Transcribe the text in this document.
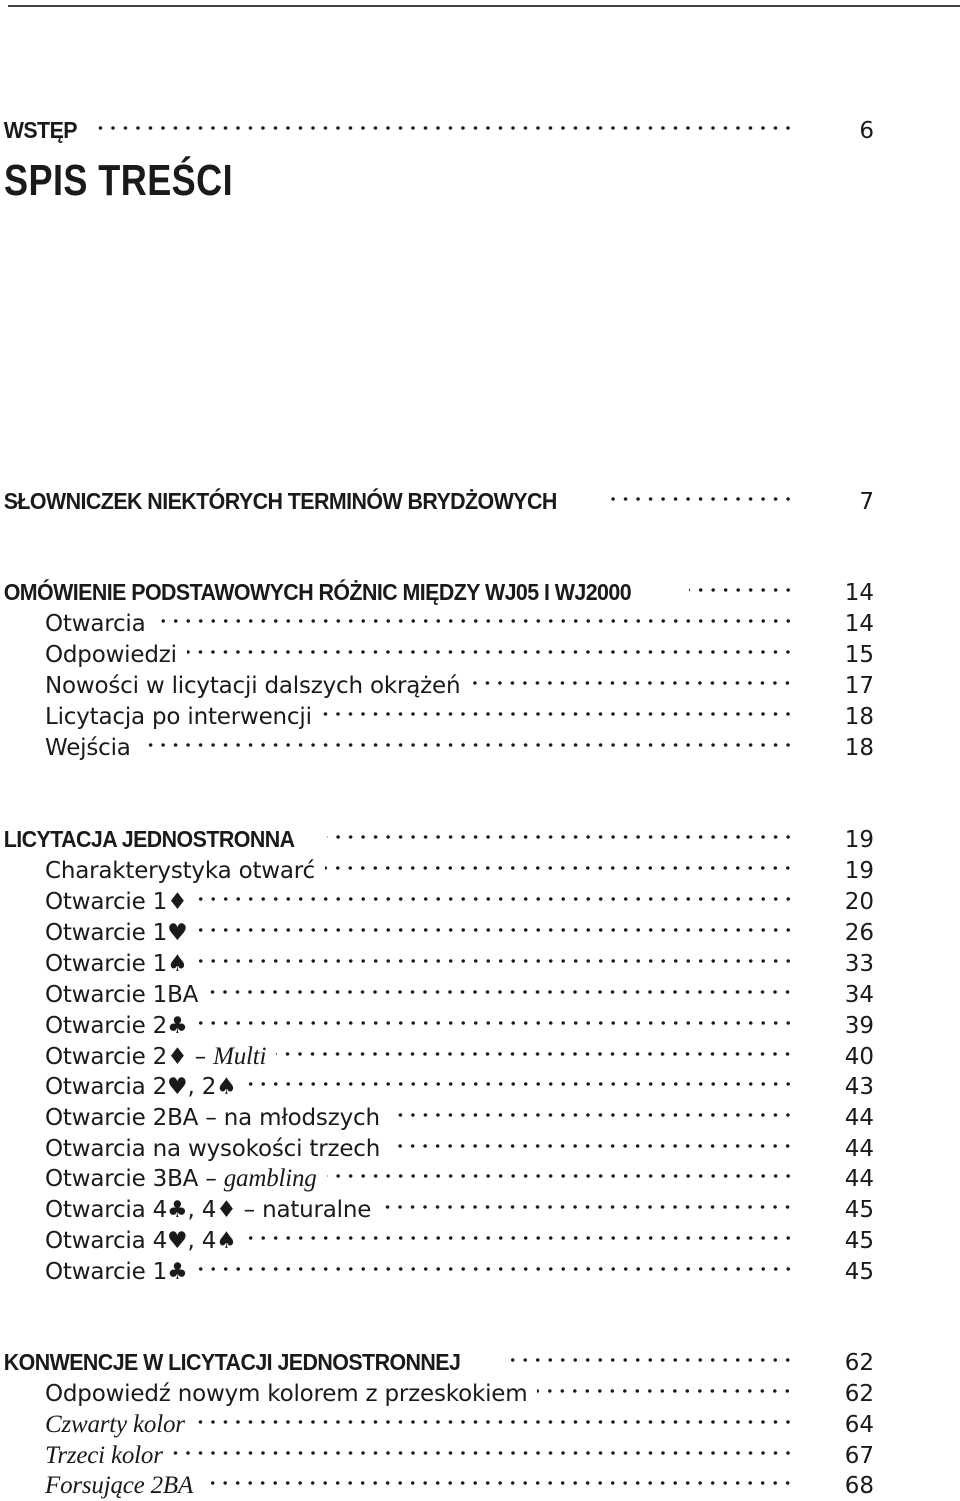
SPIS TREŚCI
WSTĘP	6
SŁOWNICZEK NIEKTÓRYCH TERMINÓW BRYDŻOWYCH	7
OMÓWIENIE PODSTAWOWYCH RÓŻNIC MIĘDZY WJ05 I WJ2000	14
Otwarcia	14
Odpowiedzi	15
Nowości w licytacji dalszych okrążeń	17
Licytacja po interwencji	18
Wejścia	18
LICYTACJA JEDNOSTRONNA	19
Charakterystyka otwarć	19
Otwarcie 1♦	20
Otwarcie 1♥	26
Otwarcie 1♠	33
Otwarcie 1BA	34
Otwarcie 2♣	39
Otwarcie 2♦ – Multi	40
Otwarcia 2♥, 2♠	43
Otwarcie 2BA – na młodszych	44
Otwarcia na wysokości trzech	44
Otwarcie 3BA – gambling	44
Otwarcia 4♣, 4♦ – naturalne	45
Otwarcia 4♥, 4♠	45
Otwarcie 1♣	45
KONWENCJE W LICYTACJI JEDNOSTRONNEJ	62
Odpowiedź nowym kolorem z przeskokiem	62
Czwarty kolor	64
Trzeci kolor	67
Forsujące 2BA	68
